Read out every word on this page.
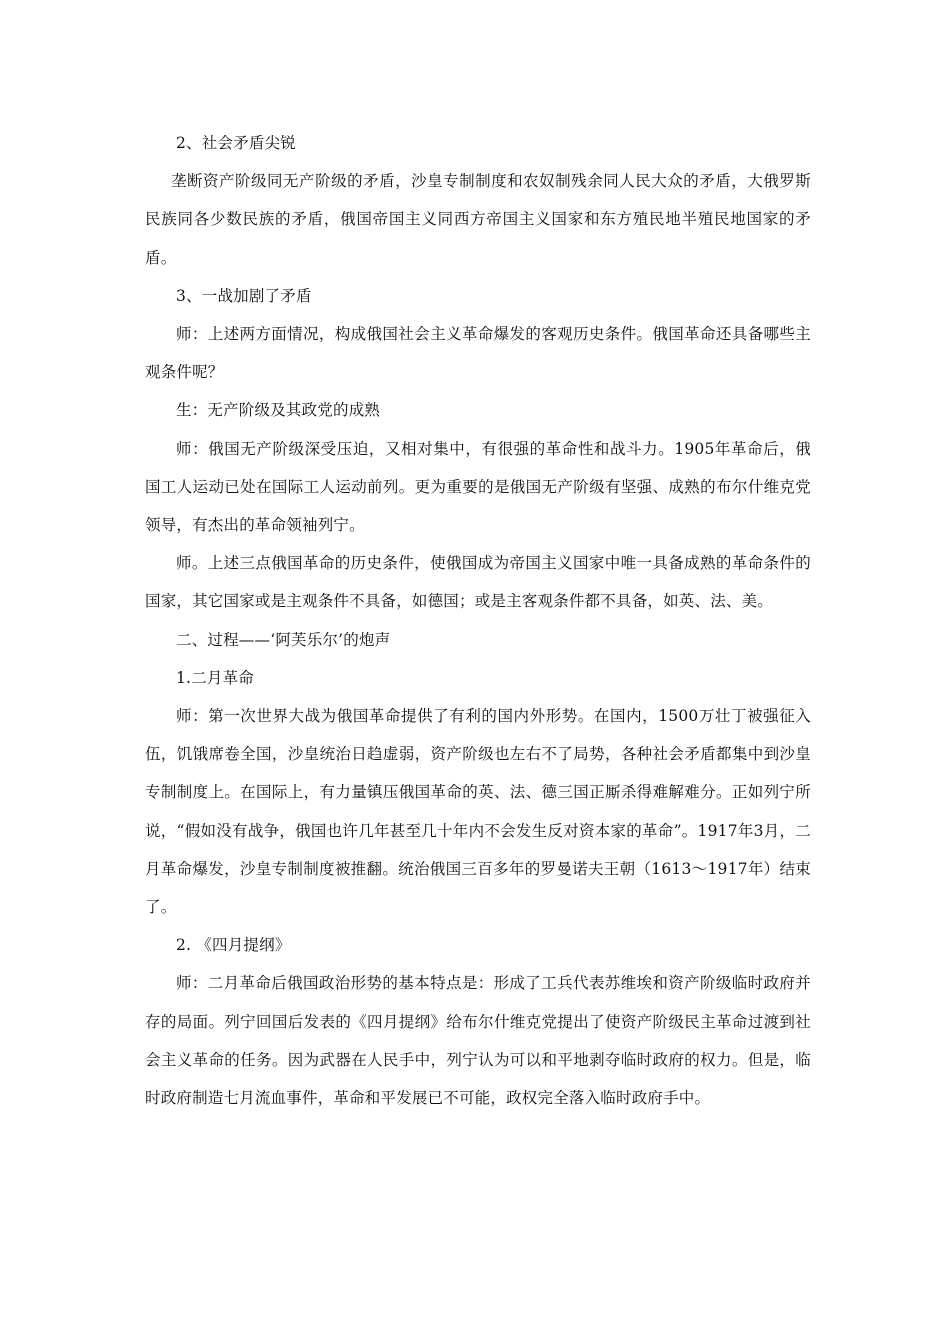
2、社会矛盾尖锐

垄断资产阶级同无产阶级的矛盾，沙皇专制制度和农奴制残余同人民大众的矛盾，大俄罗斯民族同各少数民族的矛盾，俄国帝国主义同西方帝国主义国家和东方殖民地半殖民地国家的矛盾。

3、一战加剧了矛盾

师：上述两方面情况，构成俄国社会主义革命爆发的客观历史条件。俄国革命还具备哪些主观条件呢？

生：无产阶级及其政党的成熟

师：俄国无产阶级深受压迫，又相对集中，有很强的革命性和战斗力。1905年革命后，俄国工人运动已处在国际工人运动前列。更为重要的是俄国无产阶级有坚强、成熟的布尔什维克党领导，有杰出的革命领袖列宁。

师。上述三点俄国革命的历史条件，使俄国成为帝国主义国家中唯一具备成熟的革命条件的国家，其它国家或是主观条件不具备，如德国；或是主客观条件都不具备，如英、法、美。

二、过程——‘阿芙乐尔’的炮声

1.二月革命

师：第一次世界大战为俄国革命提供了有利的国内外形势。在国内，1500万壮丁被强征入伍，饥饿席卷全国，沙皇统治日趋虚弱，资产阶级也左右不了局势，各种社会矛盾都集中到沙皇专制制度上。在国际上，有力量镇压俄国革命的英、法、德三国正厮杀得难解难分。正如列宁所说，“假如没有战争，俄国也许几年甚至几十年内不会发生反对资本家的革命”。1917年3月，二月革命爆发，沙皇专制制度被推翻。统治俄国三百多年的罗曼诺夫王朝（1613～1917年）结束了。

2. 《四月提纲》

师：二月革命后俄国政治形势的基本特点是：形成了工兵代表苏维埃和资产阶级临时政府并存的局面。列宁回国后发表的《四月提纲》给布尔什维克党提出了使资产阶级民主革命过渡到社会主义革命的任务。因为武器在人民手中，列宁认为可以和平地剥夺临时政府的权力。但是，临时政府制造七月流血事件，革命和平发展已不可能，政权完全落入临时政府手中。
